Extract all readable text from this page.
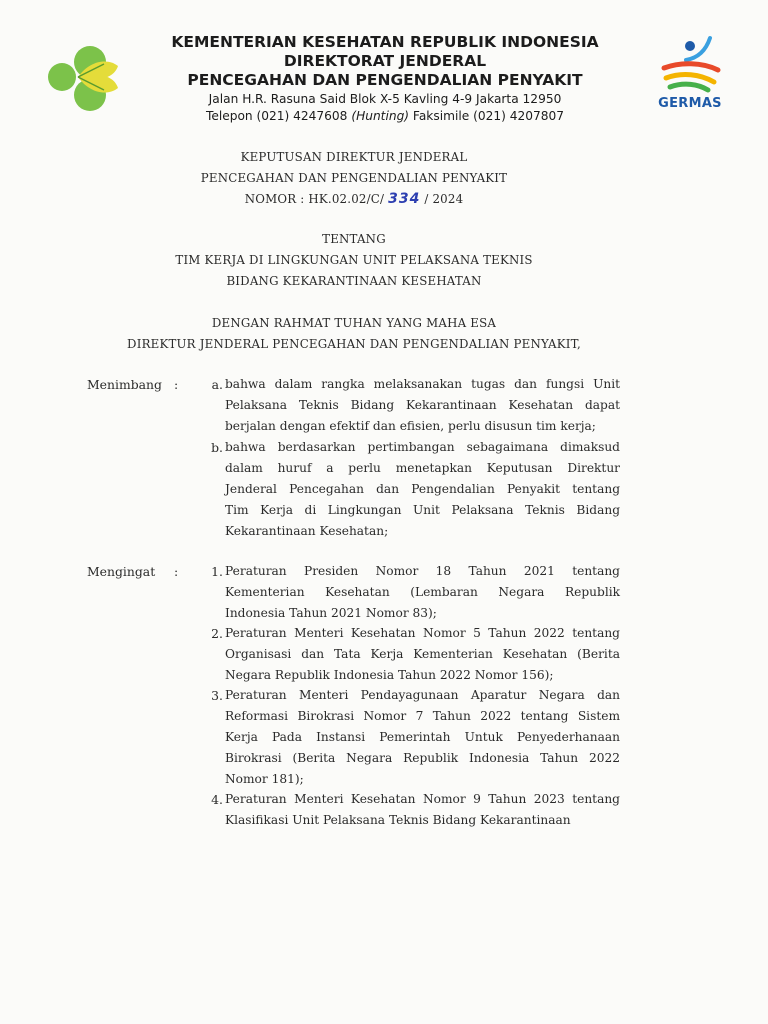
KEMENTERIAN KESEHATAN REPUBLIK INDONESIA
DIREKTORAT JENDERAL
PENCEGAHAN DAN PENGENDALIAN PENYAKIT
Jalan H.R. Rasuna Said Blok X-5 Kavling 4-9 Jakarta 12950
Telepon (021) 4247608 (Hunting) Faksimile (021) 4207807
GERMAS
KEPUTUSAN DIREKTUR JENDERAL
PENCEGAHAN DAN PENGENDALIAN PENYAKIT
NOMOR : HK.02.02/C/ 334 / 2024
TENTANG
TIM KERJA DI LINGKUNGAN UNIT PELAKSANA TEKNIS
BIDANG KEKARANTINAAN KESEHATAN
DENGAN RAHMAT TUHAN YANG MAHA ESA
DIREKTUR JENDERAL PENCEGAHAN DAN PENGENDALIAN PENYAKIT,
Menimbang :	a. bahwa dalam rangka melaksanakan tugas dan fungsi Unit
Pelaksana Teknis Bidang Kekarantinaan Kesehatan dapat
berjalan dengan efektif dan efisien, perlu disusun tim kerja;
b. bahwa berdasarkan pertimbangan sebagaimana dimaksud
dalam huruf a perlu menetapkan Keputusan Direktur
Jenderal Pencegahan dan Pengendalian Penyakit tentang
Tim Kerja di Lingkungan Unit Pelaksana Teknis Bidang
Kekarantinaan Kesehatan;
Mengingat :	1. Peraturan Presiden Nomor 18 Tahun 2021 tentang
Kementerian Kesehatan (Lembaran Negara Republik
Indonesia Tahun 2021 Nomor 83);
2. Peraturan Menteri Kesehatan Nomor 5 Tahun 2022 tentang
Organisasi dan Tata Kerja Kementerian Kesehatan (Berita
Negara Republik Indonesia Tahun 2022 Nomor 156);
3. Peraturan Menteri Pendayagunaan Aparatur Negara dan
Reformasi Birokrasi Nomor 7 Tahun 2022 tentang Sistem
Kerja Pada Instansi Pemerintah Untuk Penyederhanaan
Birokrasi (Berita Negara Republik Indonesia Tahun 2022
Nomor 181);
4. Peraturan Menteri Kesehatan Nomor 9 Tahun 2023 tentang
Klasifikasi Unit Pelaksana Teknis Bidang Kekarantinaan
